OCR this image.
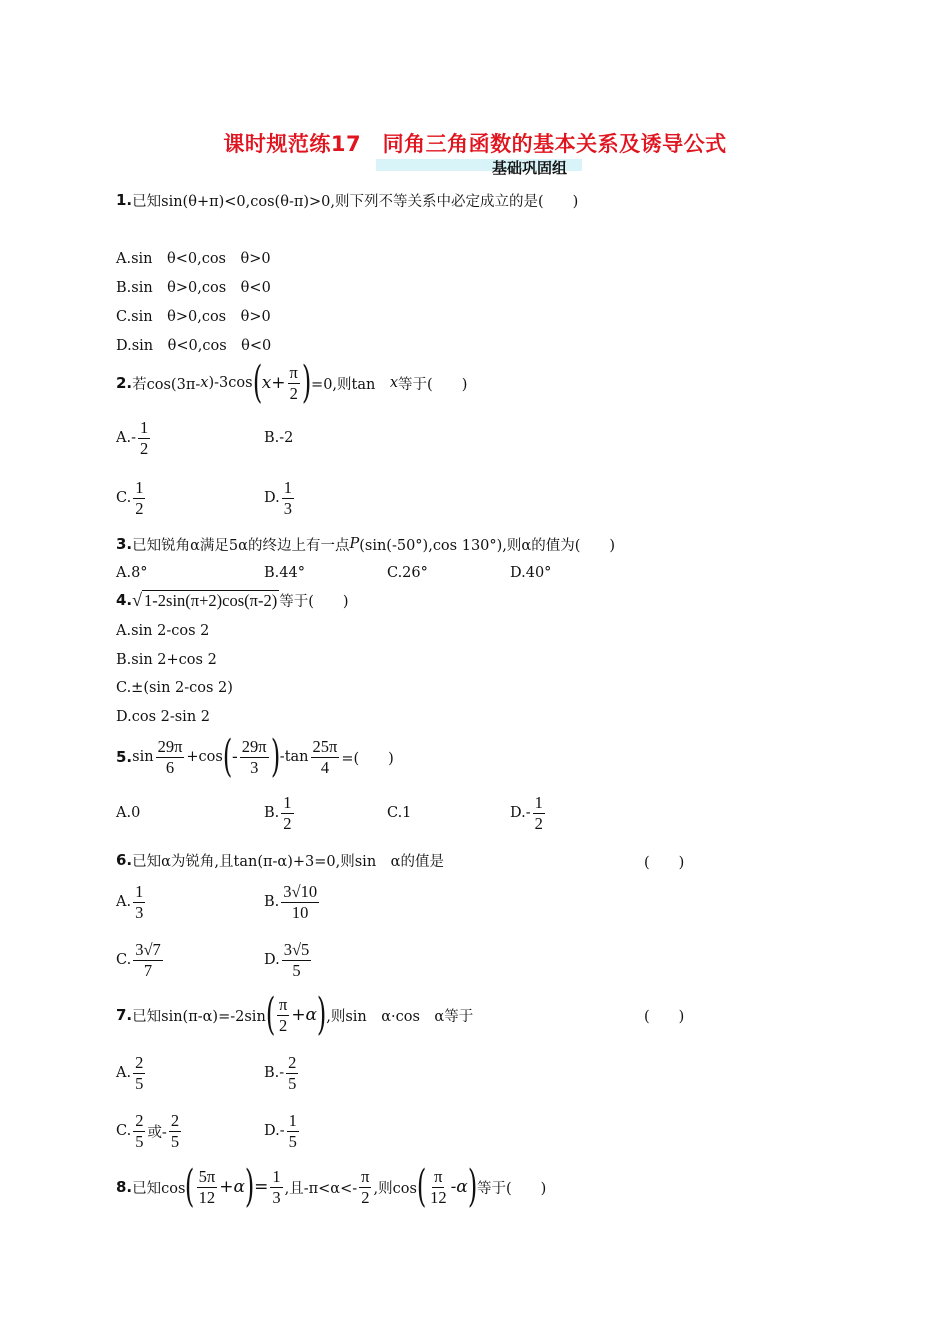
课时规范练17　同角三角函数的基本关系及诱导公式
基础巩固组
1. 已知sin(θ+π)<0,cos(θ-π)>0,则下列不等关系中必定成立的是(　　)
A.sin　θ<0,cos　θ>0
B.sin　θ>0,cos　θ<0
C.sin　θ>0,cos　θ>0
D.sin　θ<0,cos　θ<0
2. 若cos(3π- x )-3cos ( $x + \frac{\pi}{2}$ ) =0,则tan　 x 等于(　　)
$A.- \frac{1}{2}$	B.-2
C. $\frac{1}{2}$	D. $\frac{1}{3}$
3. 已知锐角α满足5α的终边上有一点 P (sin(-50°),cos 130°),则α的值为(　　)
A.8°	B.44°	C.26°	D.40°
4. √ 1-2sin(π+2)cos(π-2) 等于(　　)
A.sin 2-cos 2
B.sin 2+cos 2
C.±(sin 2-cos 2)
D.cos 2-sin 2
5. $\sin \frac{29\pi}{6} +\cos$ ( - $\frac{29\pi}{3}$ ) $-\tan \frac{25\pi}{4}$ =(　　)
A.0	B. $\frac{1}{2}$	C.1	$D.- \frac{1}{2}$
6. 已知α为锐角,且tan(π-α)+3=0,则sin　α的值是	(　　)
A. $\frac{1}{3}$	B. $\frac{3√10}{10}$
C. $\frac{3√7}{7}$	D. $\frac{3√5}{5}$
7. 已知sin(π-α)=-2sin ( $\frac{\pi}{2} +\alpha$ ) ,则sin　α·cos　α等于	(　　)
A. $\frac{2}{5}$	$B.- \frac{2}{5}$
C. $\frac{2}{5}$ 或- $\frac{2}{5}$	$D.- \frac{1}{5}$
8. 已知cos ( $\frac{5\pi}{12} +\alpha$ ) = $\frac{1}{3}$ ,且$-\pi<\alpha<- \frac{\pi}{2}$ ,则cos ( $\frac{\pi}{12} -\alpha$ ) 等于(　　)
